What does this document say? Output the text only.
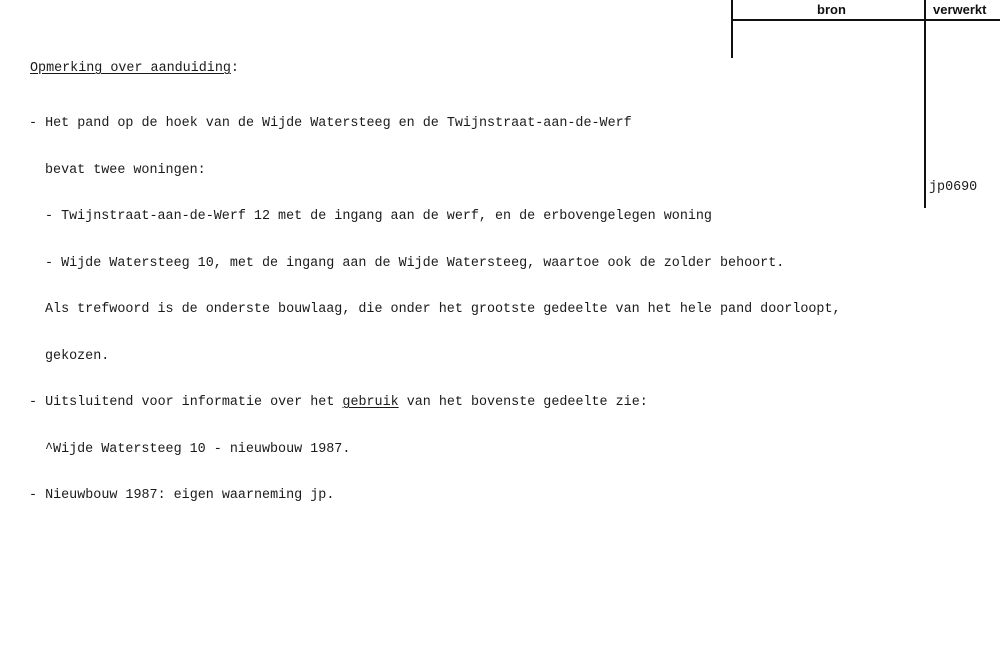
bron	verwerkt
Opmerking over aanduiding:

- Het pand op de hoek van de Wijde Watersteeg en de Twijnstraat-aan-de-Werf

bevat twee woningen:

- Twijnstraat-aan-de-Werf 12 met de ingang aan de werf, en de erbovengelegen woning

- Wijde Watersteeg 10, met de ingang aan de Wijde Watersteeg, waartoe ook de zolder behoort.

Als trefwoord is de onderste bouwlaag, die onder het grootste gedeelte van het hele pand doorloopt,

gekozen.

- Uitsluitend voor informatie over het gebruik van het bovenste gedeelte zie:

^Wijde Watersteeg 10 - nieuwbouw 1987.

- Nieuwbouw 1987: eigen waarneming jp.

jp0690
